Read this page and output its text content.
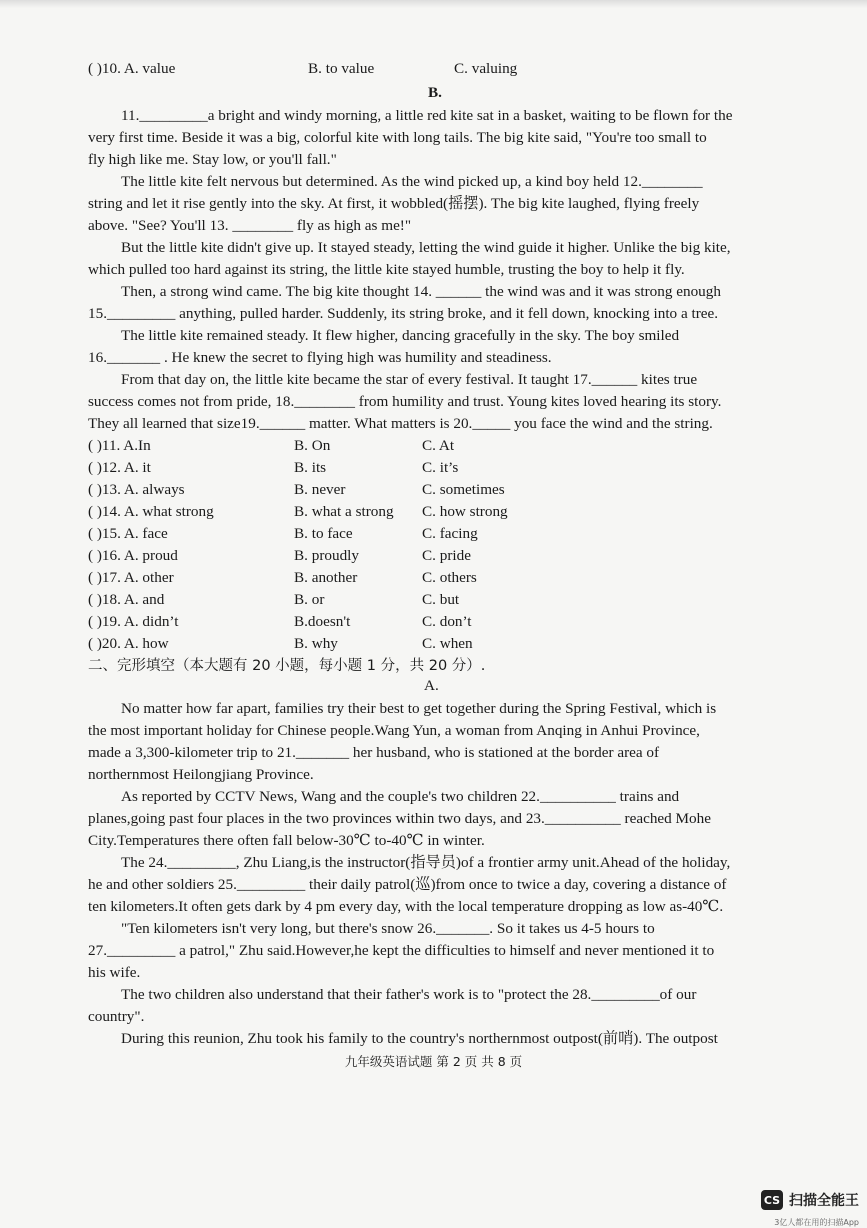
( )10. A. value	B. to value	C. valuing
B.
11._________a bright and windy morning, a little red kite sat in a basket, waiting to be flown for the
very first time. Beside it was a big, colorful kite with long tails. The big kite said, "You're too small to
fly high like me. Stay low, or you'll fall."
The little kite felt nervous but determined. As the wind picked up, a kind boy held 12.________
string and let it rise gently into the sky. At first, it wobbled(摇摆). The big kite laughed, flying freely
above. "See? You'll 13. ________ fly as high as me!"
But the little kite didn't give up. It stayed steady, letting the wind guide it higher. Unlike the big kite,
which pulled too hard against its string, the little kite stayed humble, trusting the boy to help it fly.
Then, a strong wind came. The big kite thought 14. ______ the wind was and it was strong enough
15._________ anything, pulled harder. Suddenly, its string broke, and it fell down, knocking into a tree.
The little kite remained steady. It flew higher, dancing gracefully in the sky. The boy smiled
16._______ . He knew the secret to flying high was humility and steadiness.
From that day on, the little kite became the star of every festival. It taught 17.______ kites true
success comes not from pride, 18.________ from humility and trust. Young kites loved hearing its story.
They all learned that size19.______ matter. What matters is 20._____ you face the wind and the string.
( )11. A.In	B. On	C. At
( )12. A. it	B. its	C. it’s
( )13. A. always	B. never	C. sometimes
( )14. A. what strong	B. what a strong C. how strong
( )15. A. face	B. to face	C. facing
( )16. A. proud	B. proudly	C. pride
( )17. A. other	B. another	C. others
( )18. A. and	B. or	C. but
( )19. A. didn’t	B.doesn't	C. don’t
( )20. A. how	B. why	C. when
二、完形填空（本大题有 20 小题，每小题 1 分，共 20 分）.
A.
No matter how far apart, families try their best to get together during the Spring Festival, which is
the most important holiday for Chinese people.Wang Yun, a woman from Anqing in Anhui Province,
made a 3,300-kilometer trip to 21._______ her husband, who is stationed at the border area of
northernmost Heilongjiang Province.
As reported by CCTV News, Wang and the couple's two children 22.__________ trains and
planes,going past four places in the two provinces within two days, and 23.__________ reached Mohe
City.Temperatures there often fall below-30℃ to-40℃ in winter.
The 24._________, Zhu Liang,is the instructor(指导员)of a frontier army unit.Ahead of the holiday,
he and other soldiers 25._________ their daily patrol(巡)from once to twice a day, covering a distance of
ten kilometers.It often gets dark by 4 pm every day, with the local temperature dropping as low as-40℃.
"Ten kilometers isn't very long, but there's snow 26._______. So it takes us 4-5 hours to
27._________ a patrol," Zhu said.However,he kept the difficulties to himself and never mentioned it to
his wife.
The two children also understand that their father's work is to "protect the 28._________of our
country".
During this reunion, Zhu took his family to the country's northernmost outpost(前哨). The outpost
九年级英语试题 第 2 页 共 8 页
CS 扫描全能王
3亿人都在用的扫描App
